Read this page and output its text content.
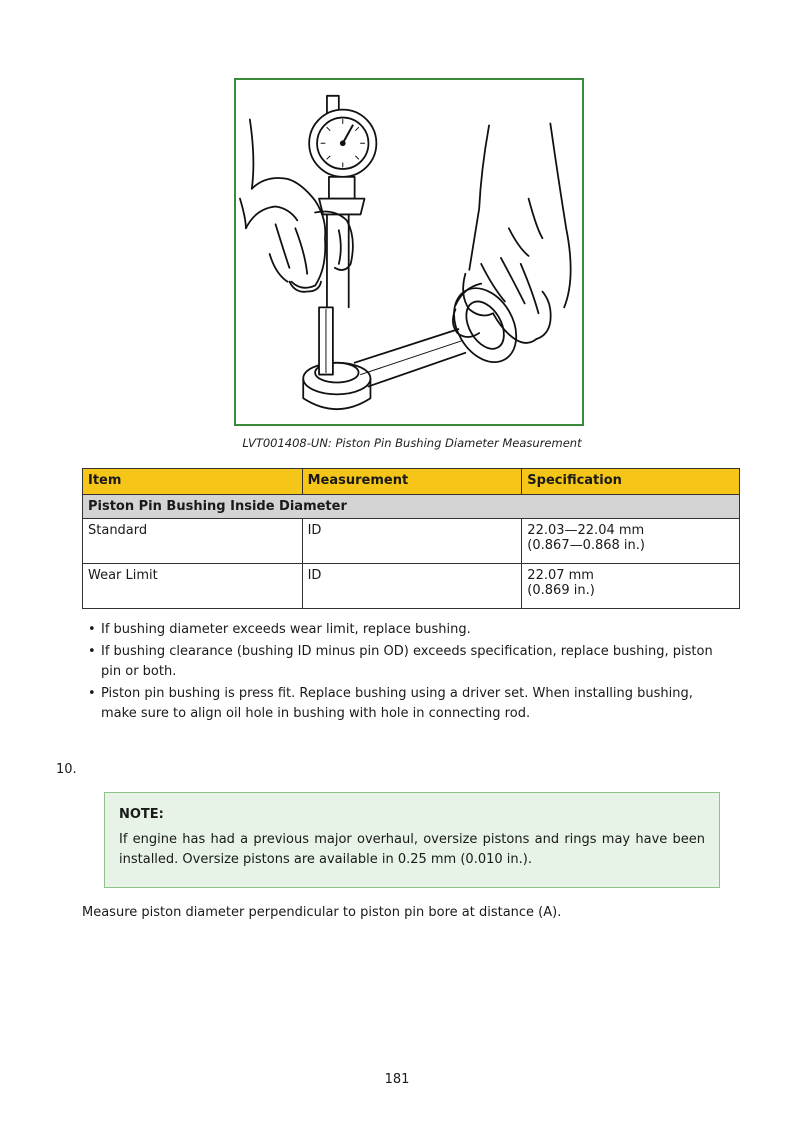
LVT001408-UN: Piston Pin Bushing Diameter Measurement
Item	Measurement	Specification
Piston Pin Bushing Inside Diameter		
Standard	ID	22.03—22.04 mm
(0.867—0.868 in.)

Wear Limit	ID	22.07 mm
(0.869 in.)
• If bushing diameter exceeds wear limit, replace bushing.
• If bushing clearance (bushing ID minus pin OD) exceeds specification, replace bushing, piston pin or both.
• Piston pin bushing is press fit. Replace bushing using a driver set. When installing bushing, make sure to align oil hole in bushing with hole in connecting rod.
10.
NOTE:
If engine has had a previous major overhaul, oversize pistons and rings may have been installed. Oversize pistons are available in 0.25 mm (0.010 in.).
Measure piston diameter perpendicular to piston pin bore at distance (A).
181
